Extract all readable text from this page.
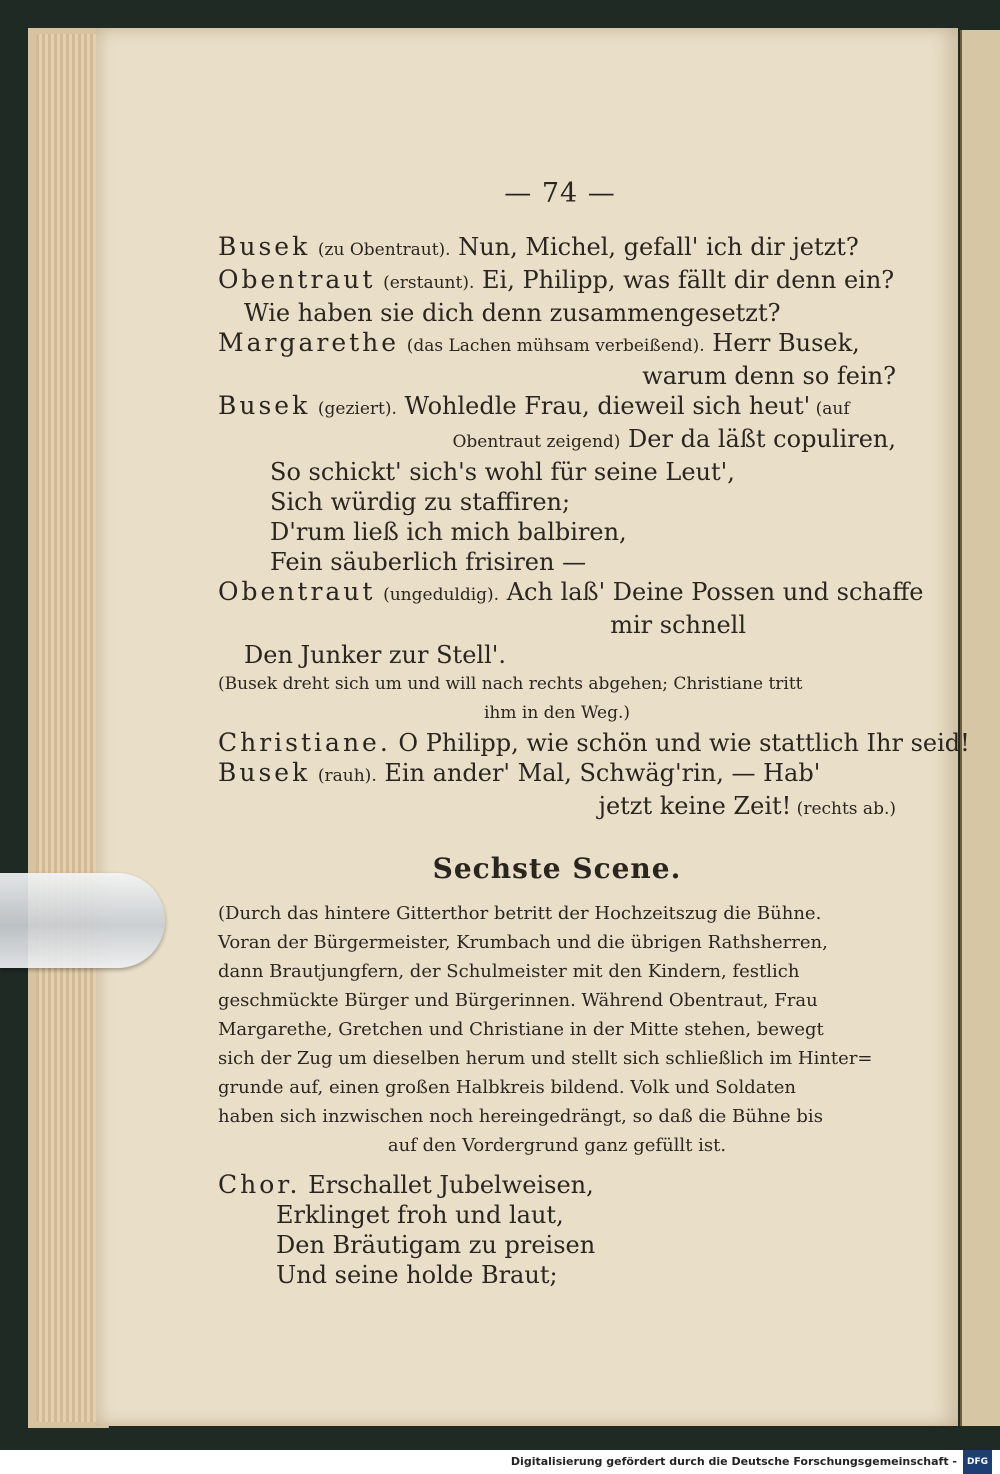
— 74 —
Busek (zu Obentraut). Nun, Michel, gefall' ich dir jetzt?
Obentraut (erstaunt). Ei, Philipp, was fällt dir denn ein?
Wie haben sie dich denn zusammengesetzt?
Margarethe (das Lachen mühsam verbeißend). Herr Busek,
warum denn so fein?
Busek (geziert). Wohledle Frau, dieweil sich heut' (auf
Obentraut zeigend) Der da läßt copuliren,
So schickt' sich's wohl für seine Leut',
Sich würdig zu staffiren;
D'rum ließ ich mich balbiren,
Fein säuberlich frisiren —
Obentraut (ungeduldig). Ach laß' Deine Possen und schaffe
mir schnell
Den Junker zur Stell'.
(Busek dreht sich um und will nach rechts abgehen; Christiane tritt
ihm in den Weg.)
Christiane. O Philipp, wie schön und wie stattlich Ihr seid!
Busek (rauh). Ein ander' Mal, Schwäg'rin, — Hab'
jetzt keine Zeit! (rechts ab.)
Sechste Scene.
(Durch das hintere Gitterthor betritt der Hochzeitszug die Bühne.
Voran der Bürgermeister, Krumbach und die übrigen Rathsherren,
dann Brautjungfern, der Schulmeister mit den Kindern, festlich
geschmückte Bürger und Bürgerinnen. Während Obentraut, Frau
Margarethe, Gretchen und Christiane in der Mitte stehen, bewegt
sich der Zug um dieselben herum und stellt sich schließlich im Hinter=
grunde auf, einen großen Halbkreis bildend. Volk und Soldaten
haben sich inzwischen noch hereingedrängt, so daß die Bühne bis
auf den Vordergrund ganz gefüllt ist.
Chor. Erschallet Jubelweisen,
Erklinget froh und laut,
Den Bräutigam zu preisen
Und seine holde Braut;
Digitalisierung gefördert durch die Deutsche Forschungsgemeinschaft - DFG
